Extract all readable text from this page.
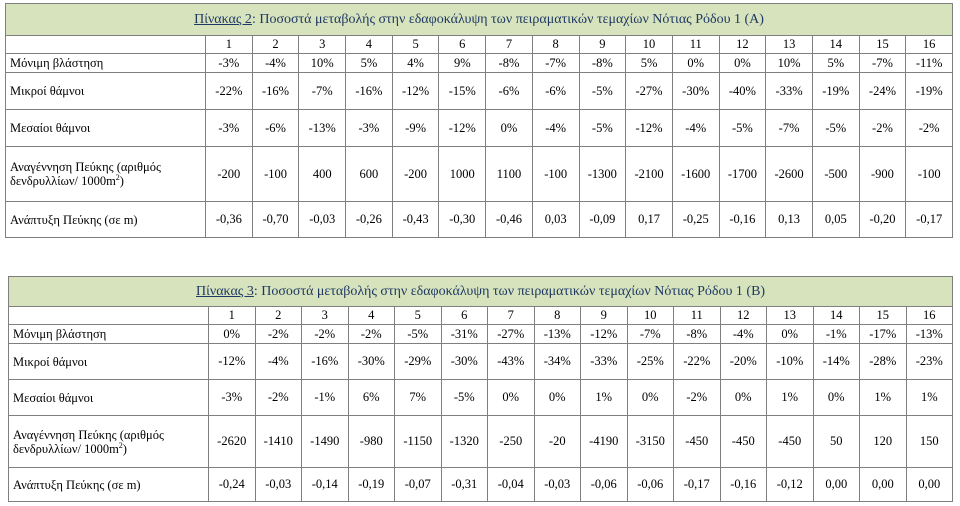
Πίνακας 2: Ποσοστά μεταβολής στην εδαφοκάλυψη των πειραματικών τεμαχίων Νότιας Ρόδου 1 (Α)																
	1	2	3	4	5	6	7	8	9	10	11	12	13	14	15	16
Μόνιμη βλάστηση	-3%	-4%	10%	5%	4%	9%	-8%	-7%	-8%	5%	0%	0%	10%	5%	-7%	-11%
Μικροί θάμνοι	-22%	-16%	-7%	-16%	-12%	-15%	-6%	-6%	-5%	-27%	-30%	-40%	-33%	-19%	-24%	-19%
Μεσαίοι θάμνοι	-3%	-6%	-13%	-3%	-9%	-12%	0%	-4%	-5%	-12%	-4%	-5%	-7%	-5%	-2%	-2%
Αναγέννηση Πεύκης (αριθμός δενδρυλλίων/ $1000m^2$)	-200	-100	400	600	-200	1000	1100	-100	-1300	-2100	-1600	-1700	-2600	-500	-900	-100
Ανάπτυξη Πεύκης (σε m)	-0,36	-0,70	-0,03	-0,26	-0,43	-0,30	-0,46	0,03	-0,09	0,17	-0,25	-0,16	0,13	0,05	-0,20	-0,17
Πίνακας 3: Ποσοστά μεταβολής στην εδαφοκάλυψη των πειραματικών τεμαχίων Νότιας Ρόδου 1 (Β)																
	1	2	3	4	5	6	7	8	9	10	11	12	13	14	15	16
Μόνιμη βλάστηση	0%	-2%	-2%	-2%	-5%	-31%	-27%	-13%	-12%	-7%	-8%	-4%	0%	-1%	-17%	-13%
Μικροί θάμνοι	-12%	-4%	-16%	-30%	-29%	-30%	-43%	-34%	-33%	-25%	-22%	-20%	-10%	-14%	-28%	-23%
Μεσαίοι θάμνοι	-3%	-2%	-1%	6%	7%	-5%	0%	0%	1%	0%	-2%	0%	1%	0%	1%	1%
Αναγέννηση Πεύκης (αριθμός δενδρυλλίων/ $1000m^2$)	-2620	-1410	-1490	-980	-1150	-1320	-250	-20	-4190	-3150	-450	-450	-450	50	120	150
Ανάπτυξη Πεύκης (σε m)	-0,24	-0,03	-0,14	-0,19	-0,07	-0,31	-0,04	-0,03	-0,06	-0,06	-0,17	-0,16	-0,12	0,00	0,00	0,00
